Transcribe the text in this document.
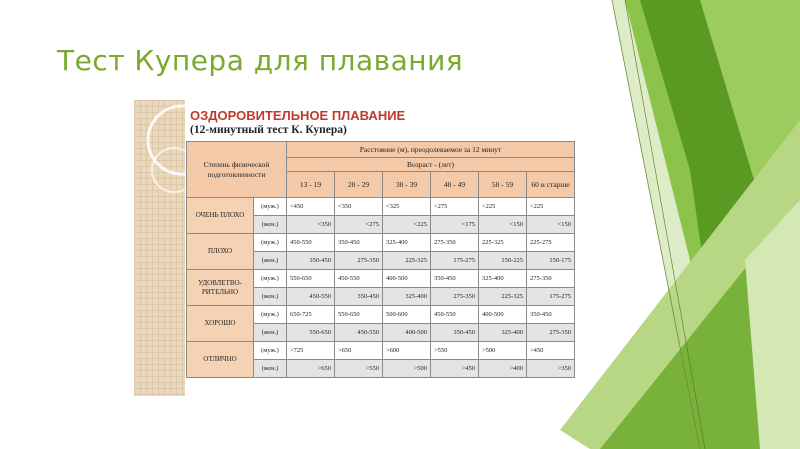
Тест Купера для плавания
ОЗДОРОВИТЕЛЬНОЕ ПЛАВАНИЕ
(12-минутный тест К. Купера)
Степень физической подготовленности		Расстояние (м), преодолеваемое за 12 минут					
		Возраст - (лет)					
		13 - 19	20 - 29	30 - 39	40 - 49	50 - 59	60 и старше
ОЧЕНЬ ПЛОХО	(муж.)	<450	<350	<325	<275	<225	<225
	(жен.)	<350	<275	<225	<175	<150	<150
ПЛОХО	(муж.)	450-550	350-450	325-400	275-350	225-325	225-275
	(жен.)	350-450	275-350	225-325	175-275	150-225	150-175
УДОВЛЕТВО-РИТЕЛЬНО	(муж.)	550-650	450-550	400-500	350-450	325-400	275-350
	(жен.)	450-550	350-450	325-400	275-350	225-325	175-275
ХОРОШО	(муж.)	650-725	550-650	500-600	450-550	400-500	350-450
	(жен.)	550-650	450-550	400-500	350-450	325-400	275-350
ОТЛИЧНО	(муж.)	>725	>650	>600	>550	>500	>450
	(жен.)	>650	>550	>500	>450	>400	>350
